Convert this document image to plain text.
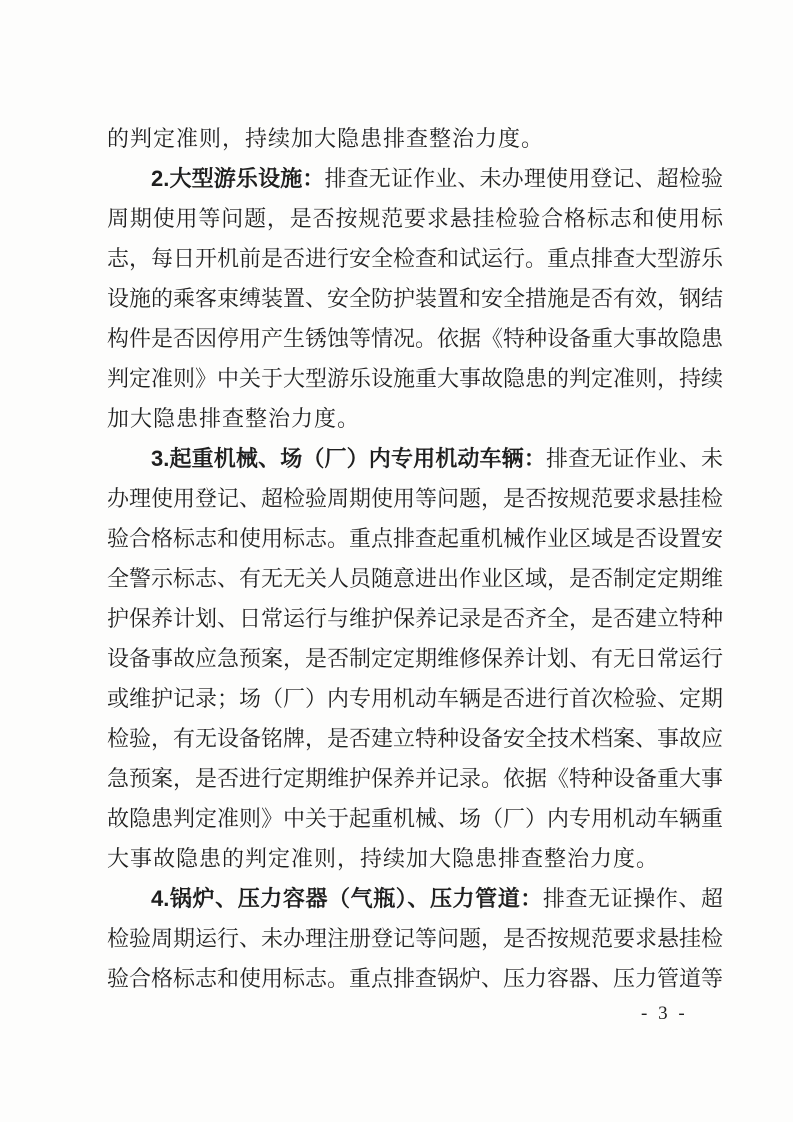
的判定准则，持续加大隐患排查整治力度。
2.大型游乐设施：排查无证作业、未办理使用登记、超检验
周期使用等问题，是否按规范要求悬挂检验合格标志和使用标
志，每日开机前是否进行安全检查和试运行。重点排查大型游乐
设施的乘客束缚装置、安全防护装置和安全措施是否有效，钢结
构件是否因停用产生锈蚀等情况。依据《特种设备重大事故隐患
判定准则》中关于大型游乐设施重大事故隐患的判定准则，持续
加大隐患排查整治力度。
3.起重机械、场（厂）内专用机动车辆：排查无证作业、未
办理使用登记、超检验周期使用等问题，是否按规范要求悬挂检
验合格标志和使用标志。重点排查起重机械作业区域是否设置安
全警示标志、有无无关人员随意进出作业区域，是否制定定期维
护保养计划、日常运行与维护保养记录是否齐全，是否建立特种
设备事故应急预案，是否制定定期维修保养计划、有无日常运行
或维护记录；场（厂）内专用机动车辆是否进行首次检验、定期
检验，有无设备铭牌，是否建立特种设备安全技术档案、事故应
急预案，是否进行定期维护保养并记录。依据《特种设备重大事
故隐患判定准则》中关于起重机械、场（厂）内专用机动车辆重
大事故隐患的判定准则，持续加大隐患排查整治力度。
4.锅炉、压力容器（气瓶）、压力管道：排查无证操作、超
检验周期运行、未办理注册登记等问题，是否按规范要求悬挂检
验合格标志和使用标志。重点排查锅炉、压力容器、压力管道等
- 3 -
